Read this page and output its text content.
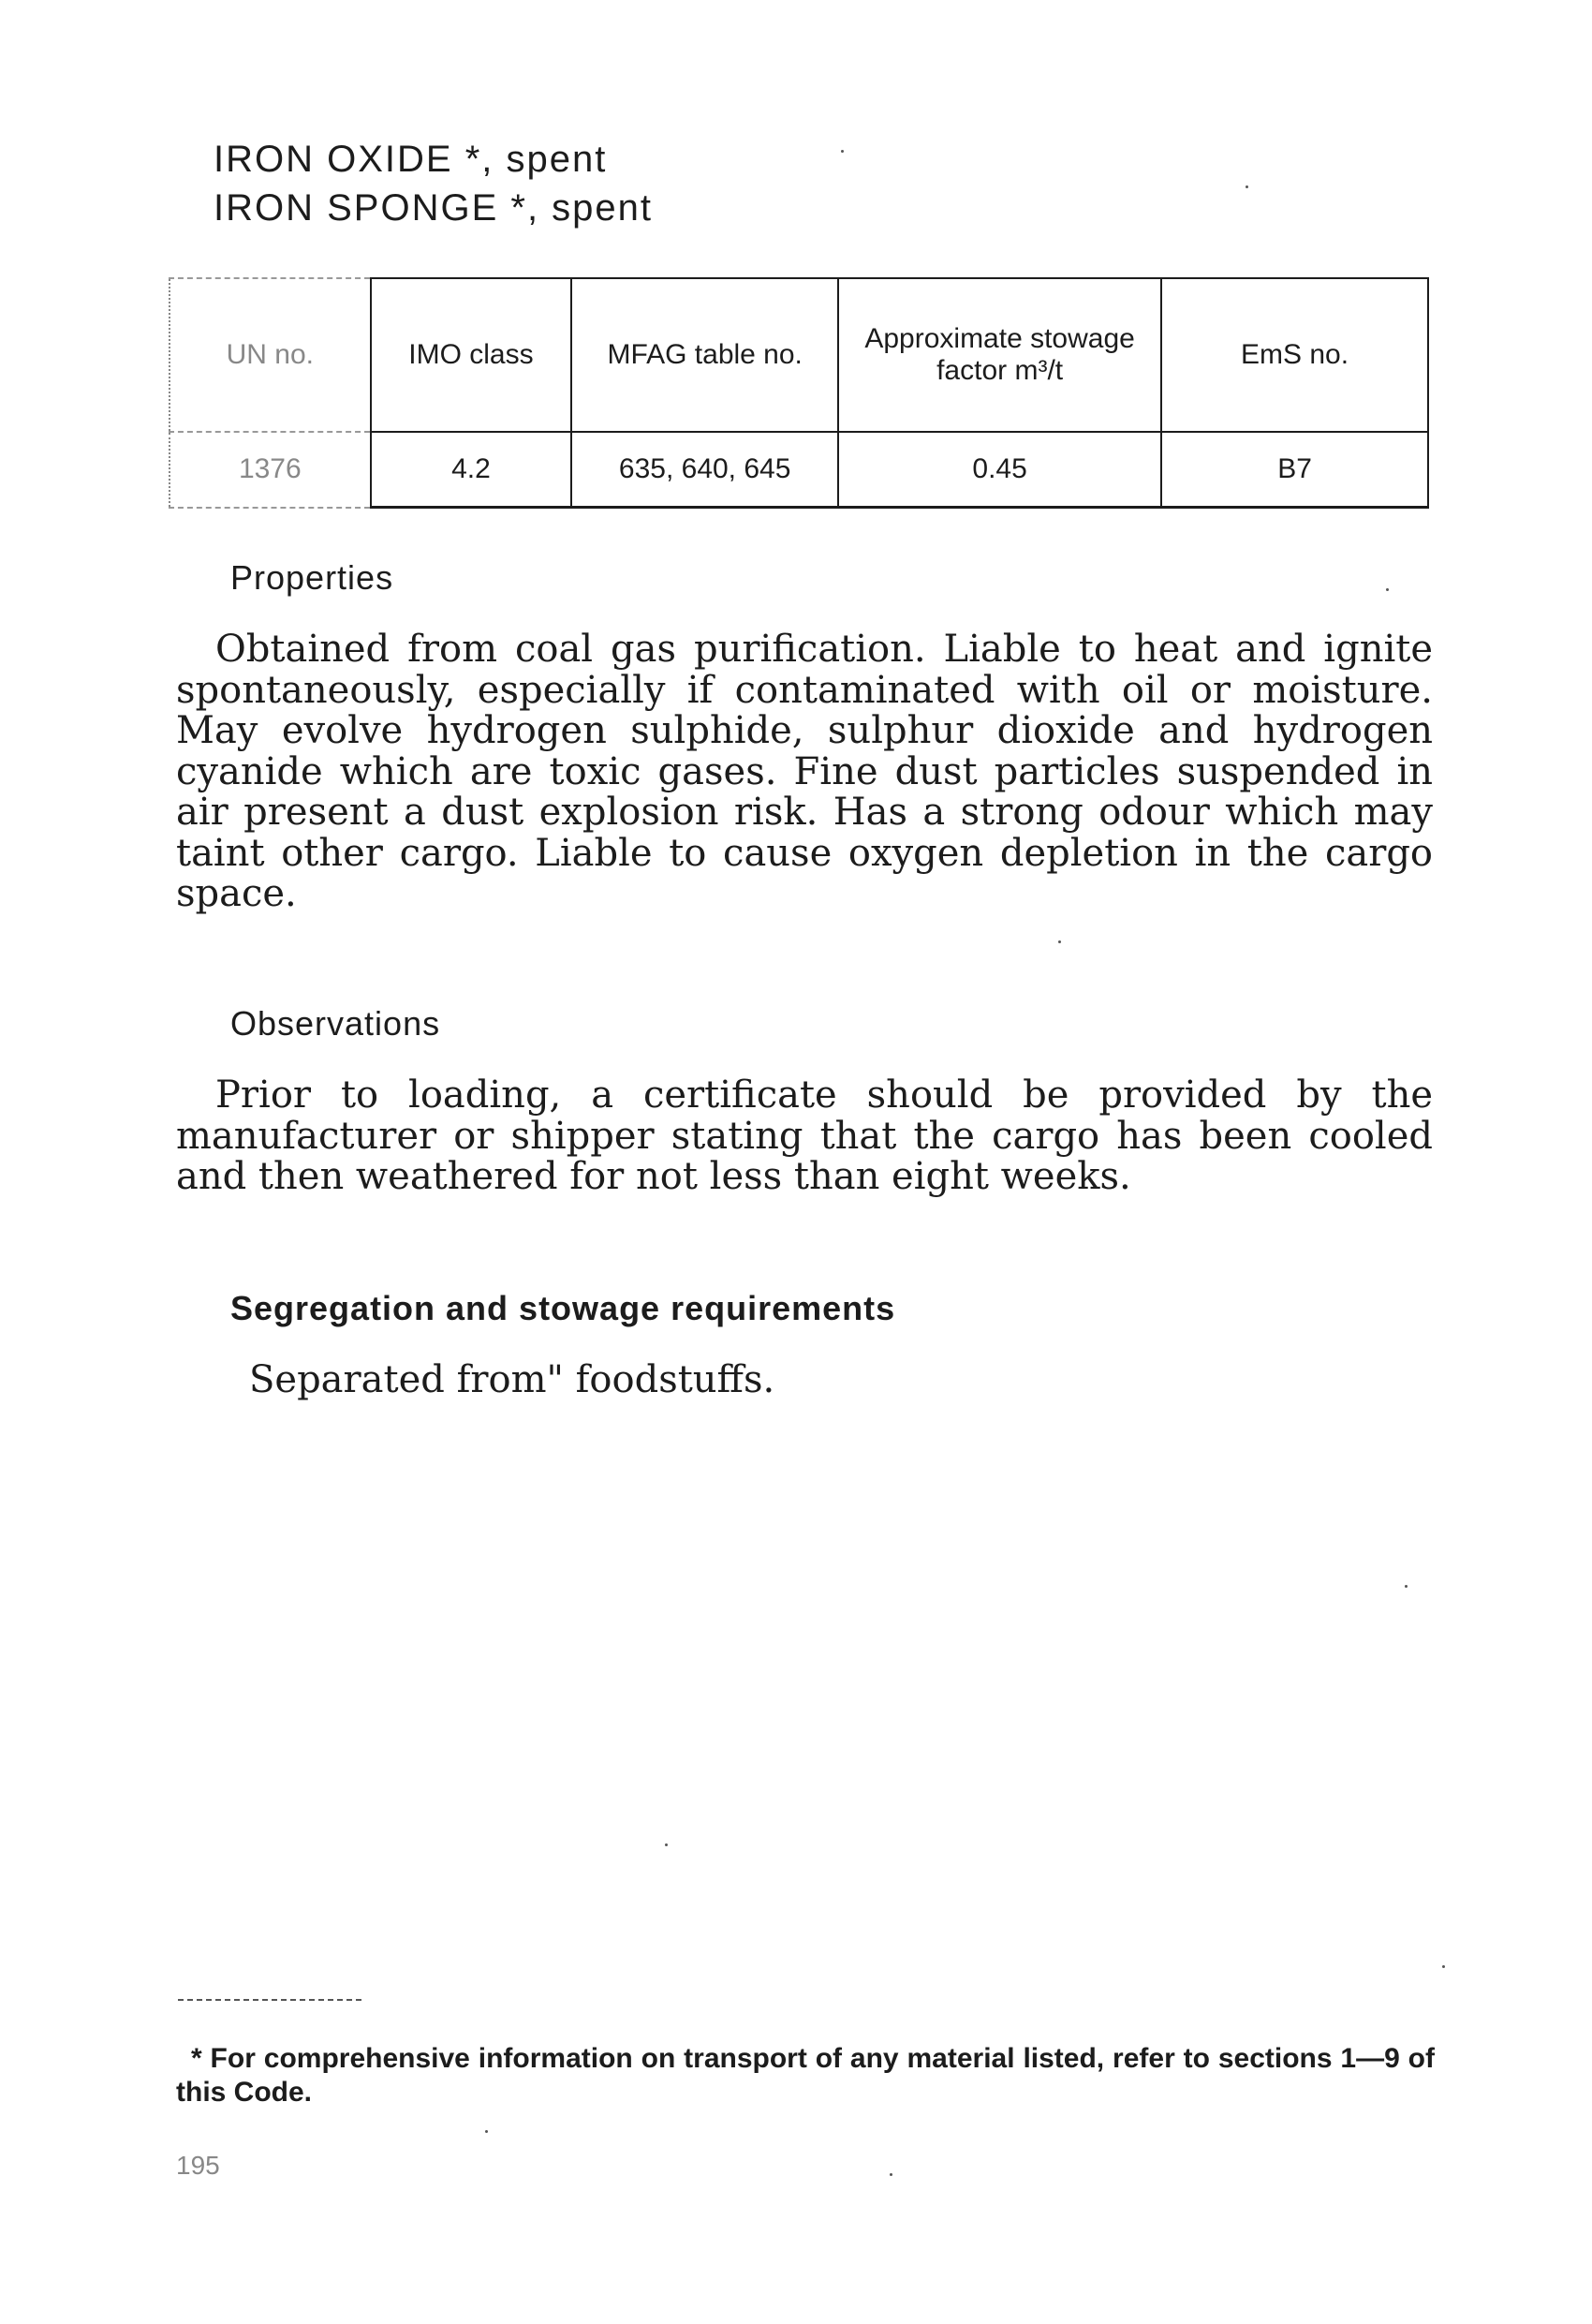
IRON OXIDE *, spent
IRON SPONGE *, spent
UN no.	IMO class	MFAG table no.	Approximate stowage factor m³/t	EmS no.
1376	4.2	635, 640, 645	0.45	B7
Properties
Obtained from coal gas purification. Liable to heat and ignite spontaneously, especially if contaminated with oil or moisture. May evolve hydrogen sulphide, sulphur dioxide and hydrogen cyanide which are toxic gases. Fine dust particles suspended in air present a dust explosion risk. Has a strong odour which may taint other cargo. Liable to cause oxygen depletion in the cargo space.
Observations
Prior to loading, a certificate should be provided by the manufacturer or shipper stating that the cargo has been cooled and then weathered for not less than eight weeks.
Segregation and stowage requirements
Separated from" foodstuffs.
* For comprehensive information on transport of any material listed, refer to sections 1—9 of this Code.
195
